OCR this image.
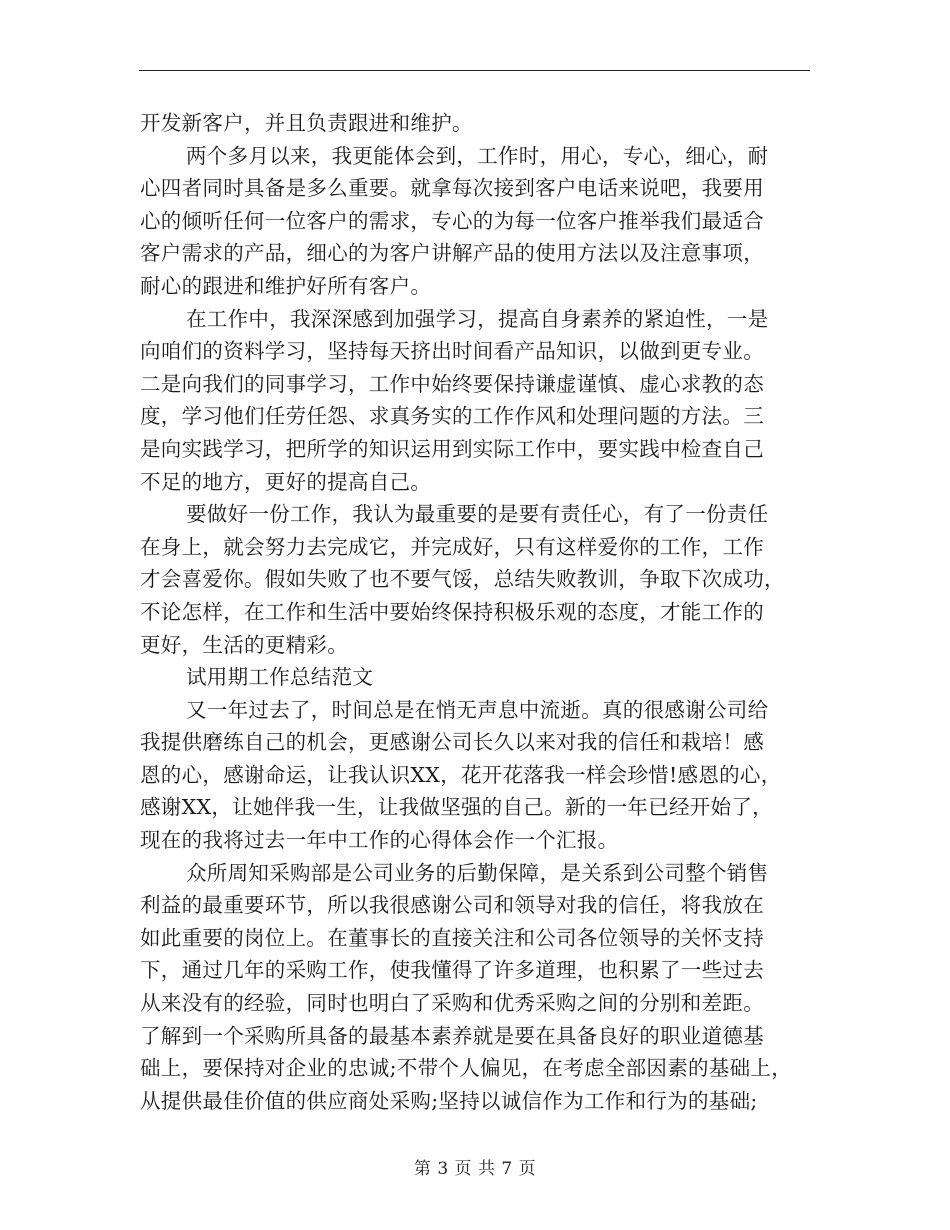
开发新客户，并且负责跟进和维护。
两个多月以来，我更能体会到，工作时，用心，专心，细心，耐
心四者同时具备是多么重要。就拿每次接到客户电话来说吧，我要用
心的倾听任何一位客户的需求，专心的为每一位客户推举我们最适合
客户需求的产品，细心的为客户讲解产品的使用方法以及注意事项，
耐心的跟进和维护好所有客户。
在工作中，我深深感到加强学习，提高自身素养的紧迫性，一是
向咱们的资料学习，坚持每天挤出时间看产品知识，以做到更专业。
二是向我们的同事学习，工作中始终要保持谦虚谨慎、虚心求教的态
度，学习他们任劳任怨、求真务实的工作作风和处理问题的方法。三
是向实践学习，把所学的知识运用到实际工作中，要实践中检查自己
不足的地方，更好的提高自己。
要做好一份工作，我认为最重要的是要有责任心，有了一份责任
在身上，就会努力去完成它，并完成好，只有这样爱你的工作，工作
才会喜爱你。假如失败了也不要气馁，总结失败教训，争取下次成功，
不论怎样，在工作和生活中要始终保持积极乐观的态度，才能工作的
更好，生活的更精彩。
试用期工作总结范文
又一年过去了，时间总是在悄无声息中流逝。真的很感谢公司给
我提供磨练自己的机会，更感谢公司长久以来对我的信任和栽培！感
恩的心，感谢命运，让我认识XX，花开花落我一样会珍惜!感恩的心，
感谢XX，让她伴我一生，让我做坚强的自己。新的一年已经开始了，
现在的我将过去一年中工作的心得体会作一个汇报。
众所周知采购部是公司业务的后勤保障，是关系到公司整个销售
利益的最重要环节，所以我很感谢公司和领导对我的信任，将我放在
如此重要的岗位上。在董事长的直接关注和公司各位领导的关怀支持
下，通过几年的采购工作，使我懂得了许多道理，也积累了一些过去
从来没有的经验，同时也明白了采购和优秀采购之间的分别和差距。
了解到一个采购所具备的最基本素养就是要在具备良好的职业道德基
础上，要保持对企业的忠诚;不带个人偏见，在考虑全部因素的基础上，
从提供最佳价值的供应商处采购;坚持以诚信作为工作和行为的基础;
第 3 页 共 7 页
